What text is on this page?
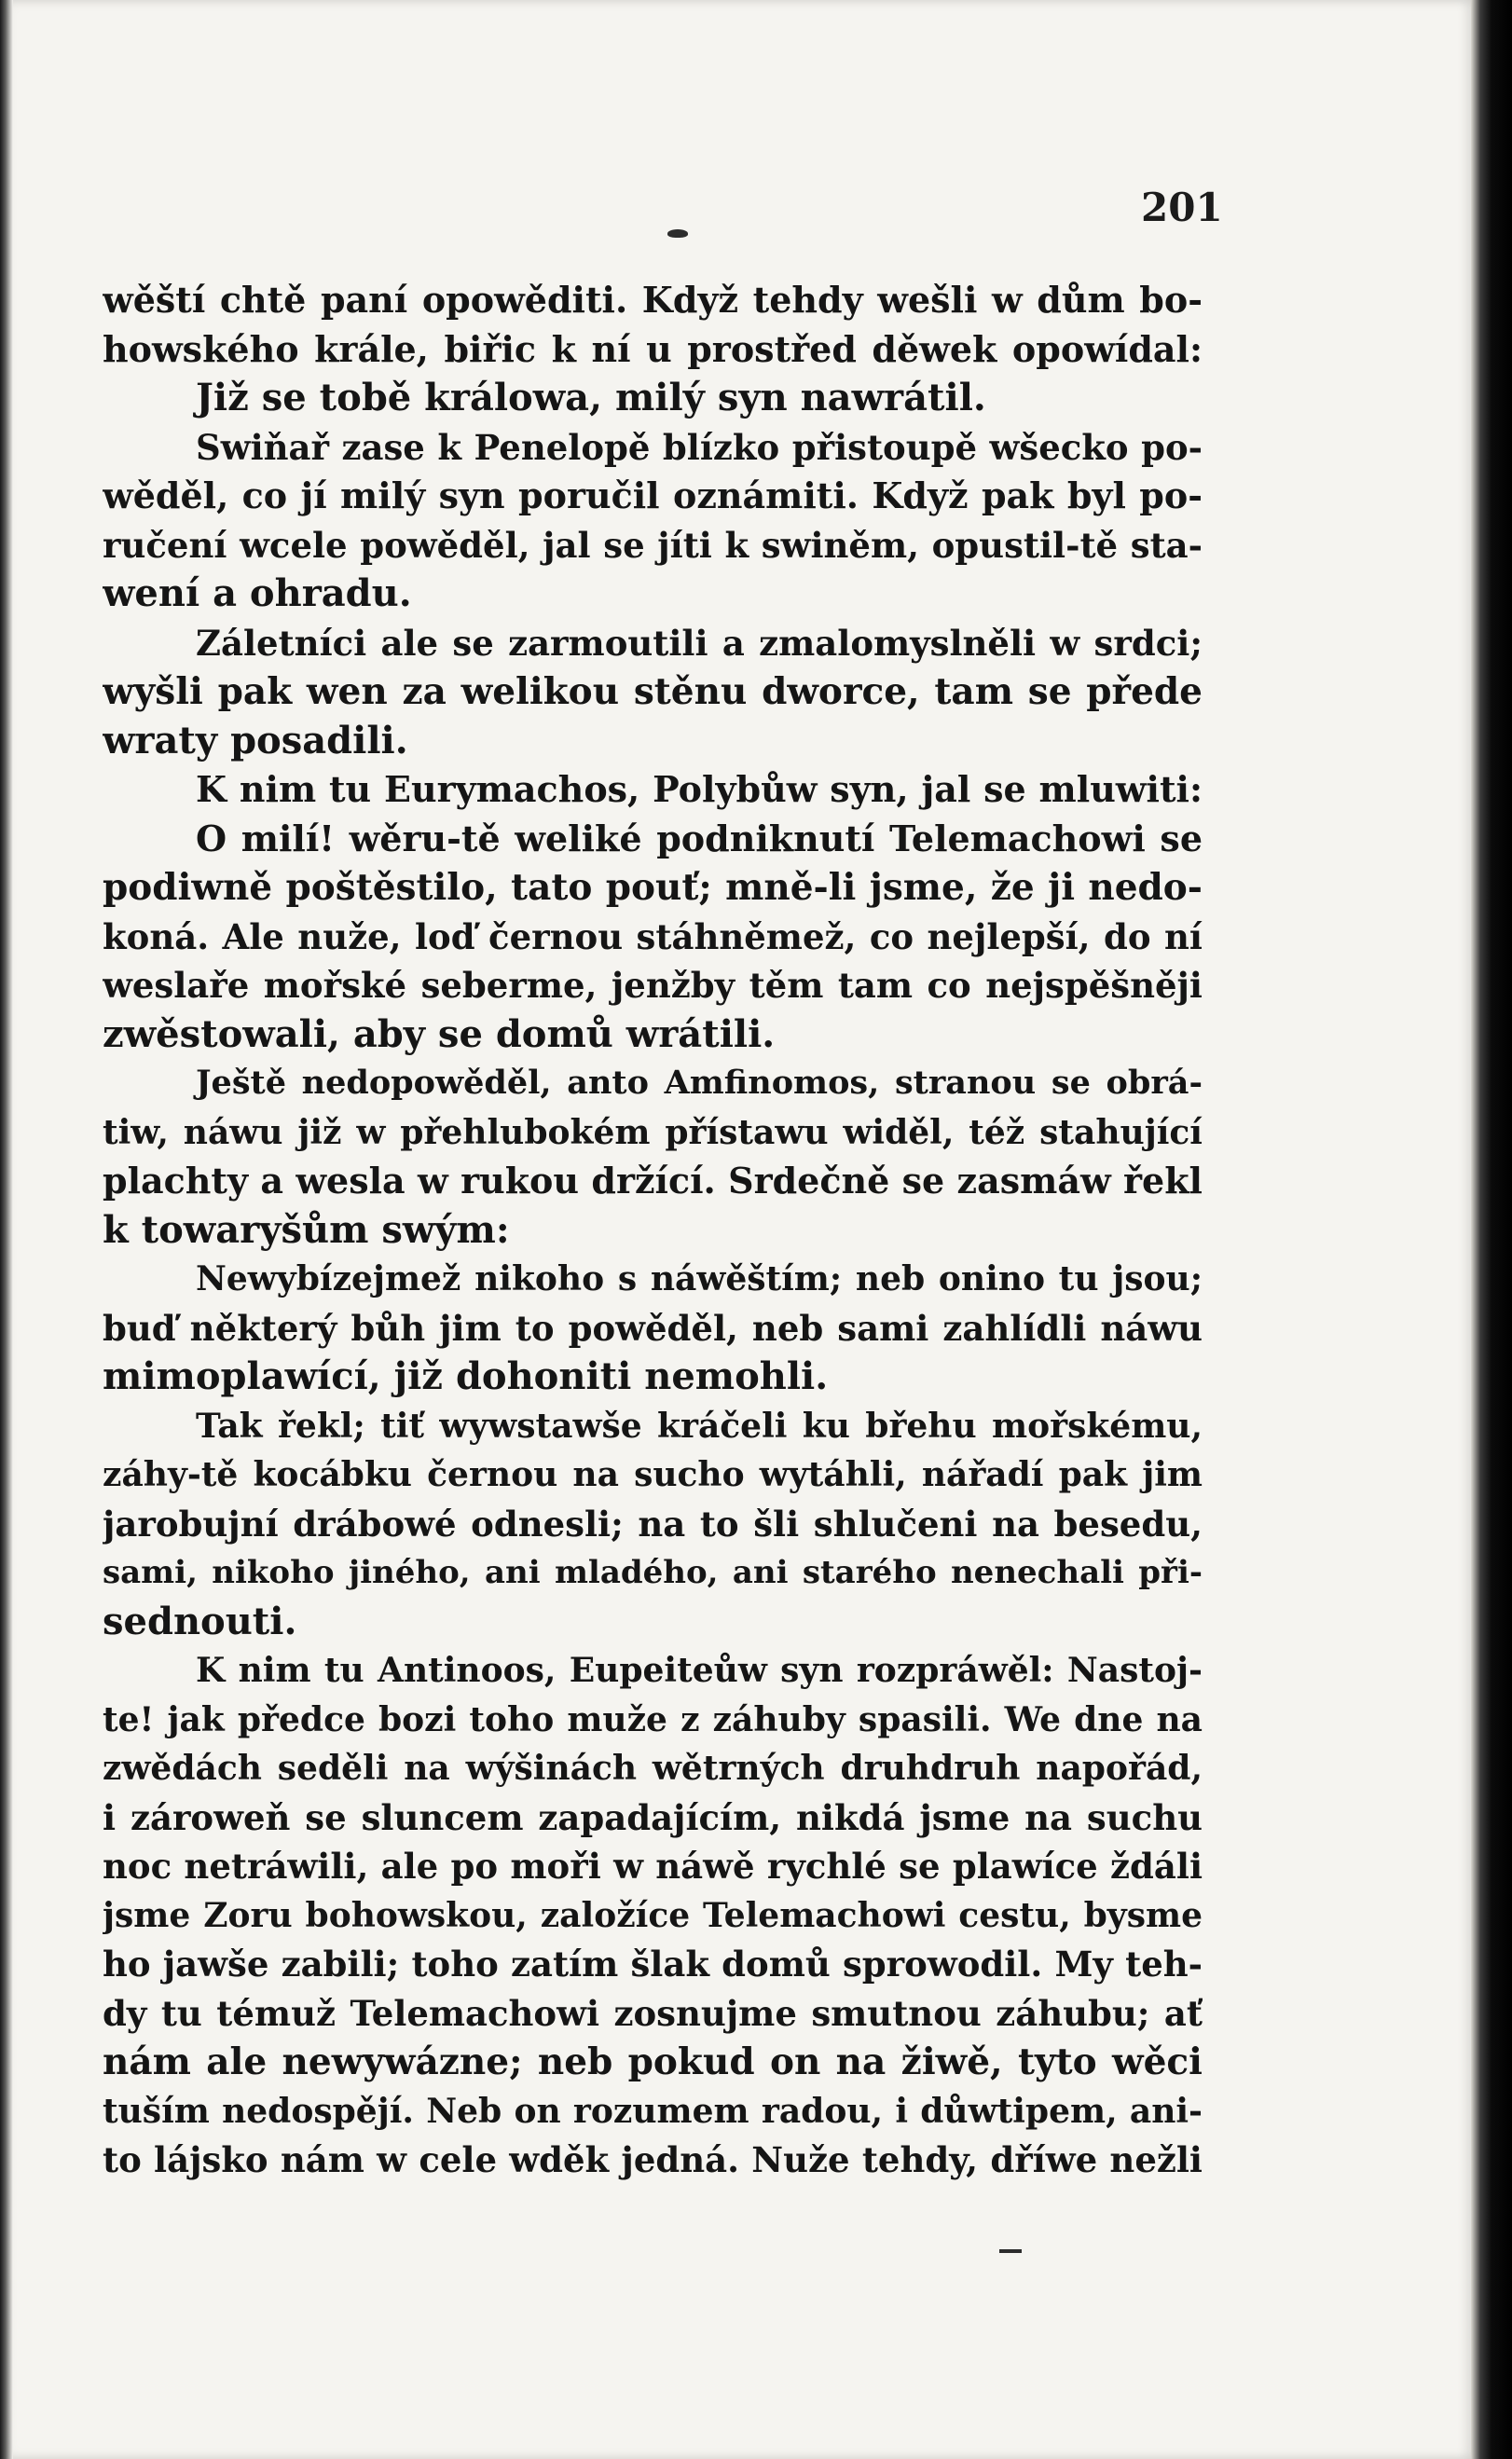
201
wěští chtě paní opowěditi. Když tehdy wešli w dům bo-
howského krále, biřic k ní u prostřed děwek opowídal:
Již se tobě králowa, milý syn nawrátil.
Swiňař zase k Penelopě blízko přistoupě wšecko po-
wěděl, co jí milý syn poručil oznámiti. Když pak byl po-
ručení wcele powěděl, jal se jíti k swiněm, opustil-tě sta-
wení a ohradu.
Záletníci ale se zarmoutili a zmalomyslněli w srdci;
wyšli pak wen za welikou stěnu dworce, tam se přede
wraty posadili.
K nim tu Eurymachos, Polybůw syn, jal se mluwiti:
O milí! wěru-tě weliké podniknutí Telemachowi se
podiwně poštěstilo, tato pouť; mně-li jsme, že ji nedo-
koná. Ale nuže, loď černou stáhněmež, co nejlepší, do ní
weslaře mořské seberme, jenžby těm tam co nejspěšněji
zwěstowali, aby se domů wrátili.
Ještě nedopowěděl, anto Amfinomos, stranou se obrá-
tiw, náwu již w přehlubokém přístawu widěl, též stahující
plachty a wesla w rukou držící. Srdečně se zasmáw řekl
k towaryšům swým:
Newybízejmež nikoho s náwěštím; neb onino tu jsou;
buď některý bůh jim to powěděl, neb sami zahlídli náwu
mimoplawící, již dohoniti nemohli.
Tak řekl; tiť wywstawše kráčeli ku břehu mořskému,
záhy-tě kocábku černou na sucho wytáhli, nářadí pak jim
jarobujní drábowé odnesli; na to šli shlučeni na besedu,
sami, nikoho jiného, ani mladého, ani starého nenechali při-
sednouti.
K nim tu Antinoos, Eupeiteůw syn rozpráwěl: Nastoj-
te! jak předce bozi toho muže z záhuby spasili. We dne na
zwědách seděli na wýšinách wětrných druhdruh napořád,
i zároweň se sluncem zapadajícím, nikdá jsme na suchu
noc netráwili, ale po moři w náwě rychlé se plawíce ždáli
jsme Zoru bohowskou, založíce Telemachowi cestu, bysme
ho jawše zabili; toho zatím šlak domů sprowodil. My teh-
dy tu témuž Telemachowi zosnujme smutnou záhubu; ať
nám ale newywázne; neb pokud on na žiwě, tyto wěci
tuším nedospějí. Neb on rozumem radou, i důwtipem, ani-
to lájsko nám w cele wděk jedná. Nuže tehdy, dříwe nežli
